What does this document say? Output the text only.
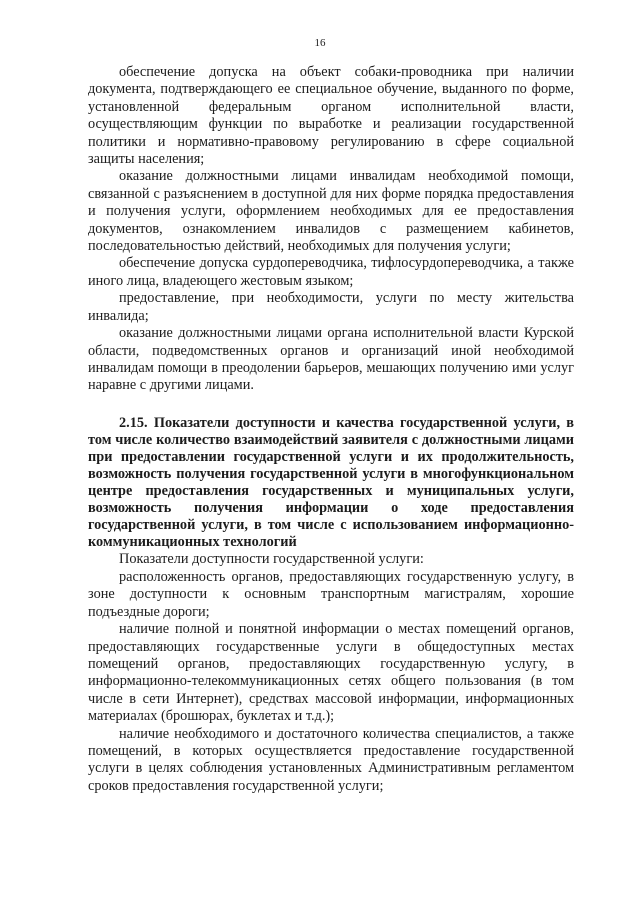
16

обеспечение допуска на объект собаки-проводника при наличии документа, подтверждающего ее специальное обучение, выданного по форме, установленной федеральным органом исполнительной власти, осуществляющим функции по выработке и реализации государственной политики и нормативно-правовому регулированию в сфере социальной защиты населения;

оказание должностными лицами инвалидам необходимой помощи, связанной с разъяснением в доступной для них форме порядка предоставления и получения услуги, оформлением необходимых для ее предоставления документов, ознакомлением инвалидов с размещением кабинетов, последовательностью действий, необходимых для получения услуги;

обеспечение допуска сурдопереводчика, тифлосурдопереводчика, а также иного лица, владеющего жестовым языком;

предоставление, при необходимости, услуги по месту жительства инвалида;

оказание должностными лицами органа исполнительной власти Курской области, подведомственных органов и организаций иной необходимой инвалидам помощи в преодолении барьеров, мешающих получению ими услуг наравне с другими лицами.

2.15. Показатели доступности и качества государственной услуги, в том числе количество взаимодействий заявителя с должностными лицами при предоставлении государственной услуги и их продолжительность, возможность получения государственной услуги в многофункциональном центре предоставления государственных и муниципальных услуги, возможность получения информации о ходе предоставления государственной услуги, в том числе с использованием информационно-коммуникационных технологий

Показатели доступности государственной услуги:

расположенность органов, предоставляющих государственную услугу, в зоне доступности к основным транспортным магистралям, хорошие подъездные дороги;

наличие полной и понятной информации о местах помещений органов, предоставляющих государственные услуги в общедоступных местах помещений органов, предоставляющих государственную услугу, в информационно-телекоммуникационных сетях общего пользования (в том числе в сети Интернет), средствах массовой информации, информационных материалах (брошюрах, буклетах и т.д.);

наличие необходимого и достаточного количества специалистов, а также помещений, в которых осуществляется предоставление государственной услуги в целях соблюдения установленных Административным регламентом сроков предоставления государственной услуги;
